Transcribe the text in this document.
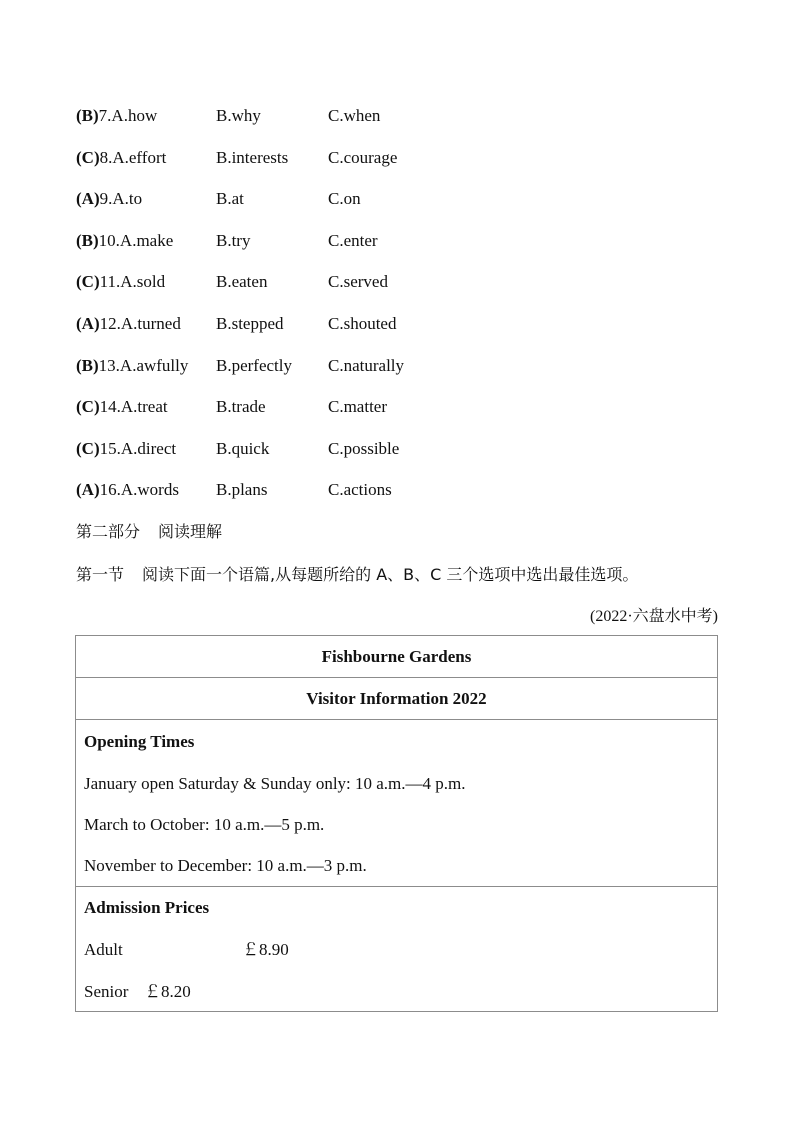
(B)7.A.how	B.why	C.when
(C)8.A.effort	B.interests C.courage
(A)9.A.to	B.at	C.on
(B)10.A.make	B.try	C.enter
(C)11.A.sold	B.eaten	C.served
(A)12.A.turned B.stepped	C.shouted
(B)13.A.awfully B.perfectly C.naturally
(C)14.A.treat	B.trade	C.matter
(C)15.A.direct B.quick	C.possible
(A)16.A.words B.plans	C.actions
第二部分 阅读理解
第一节 阅读下面一个语篇,从每题所给的 A、B、C 三个选项中选出最佳选项。
(2022·六盘水中考)
Fishbourne Gardens
Visitor Information 2022
Opening Times
January open Saturday & Sunday only: 10 a.m.—4 p.m.
March to October: 10 a.m.—5 p.m.
November to December: 10 a.m.—3 p.m.
Admission Prices
Adult	￡8.90
Senior ￡8.20
